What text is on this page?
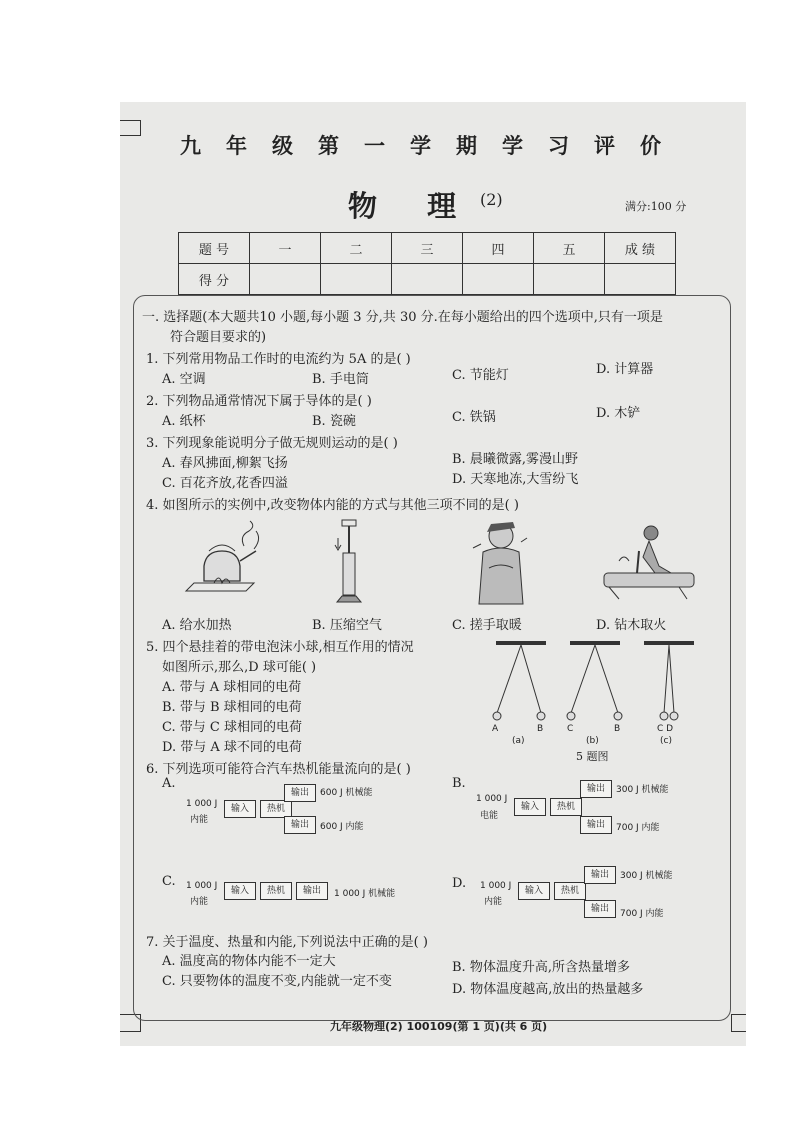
九年级第一学期学习评价
物 理 (2)	满分:100 分
题 号	一	二	三	四	五	成 绩
得 分						
一. 选择题(本大题共10 小题,每小题 3 分,共 30 分.在每小题给出的四个选项中,只有一项是
符合题目要求的)
1. 下列常用物品工作时的电流约为 5A 的是( )
A. 空调	B. 手电筒	C. 节能灯	D. 计算器
2. 下列物品通常情况下属于导体的是( )
A. 纸杯	B. 瓷碗	C. 铁锅	D. 木铲
3. 下列现象能说明分子做无规则运动的是( )
A. 春风拂面,柳絮飞扬	B. 晨曦微露,雾漫山野
C. 百花齐放,花香四溢	D. 天寒地冻,大雪纷飞
4. 如图所示的实例中,改变物体内能的方式与其他三项不同的是( )
A. 给水加热	B. 压缩空气	C. 搓手取暖	D. 钻木取火
5. 四个悬挂着的带电泡沫小球,相互作用的情况
如图所示,那么,D 球可能( )
A. 带与 A 球相同的电荷
B. 带与 B 球相同的电荷
C. 带与 C 球相同的电荷
D. 带与 A 球不同的电荷
A	B	C	B	C D
(a)	(b)	(c)
5 题图
6. 下列选项可能符合汽车热机能量流向的是( )
A.	B.
1 000 J
内能
输入	热机
输出
输出
600 J 机械能
600 J 内能
1 000 J
电能
输入	热机
输出
输出
300 J 机械能
700 J 内能
C. 1 000 J
内能
输入	热机	输出	1 000 J 机械能
D. 1 000 J
内能
输入	热机
输出
输出
300 J 机械能
700 J 内能
7. 关于温度、热量和内能,下列说法中正确的是( )
A. 温度高的物体内能不一定大	B. 物体温度升高,所含热量增多
C. 只要物体的温度不变,内能就一定不变
D. 物体温度越高,放出的热量越多
九年级物理(2) 100109(第 1 页)(共 6 页)
